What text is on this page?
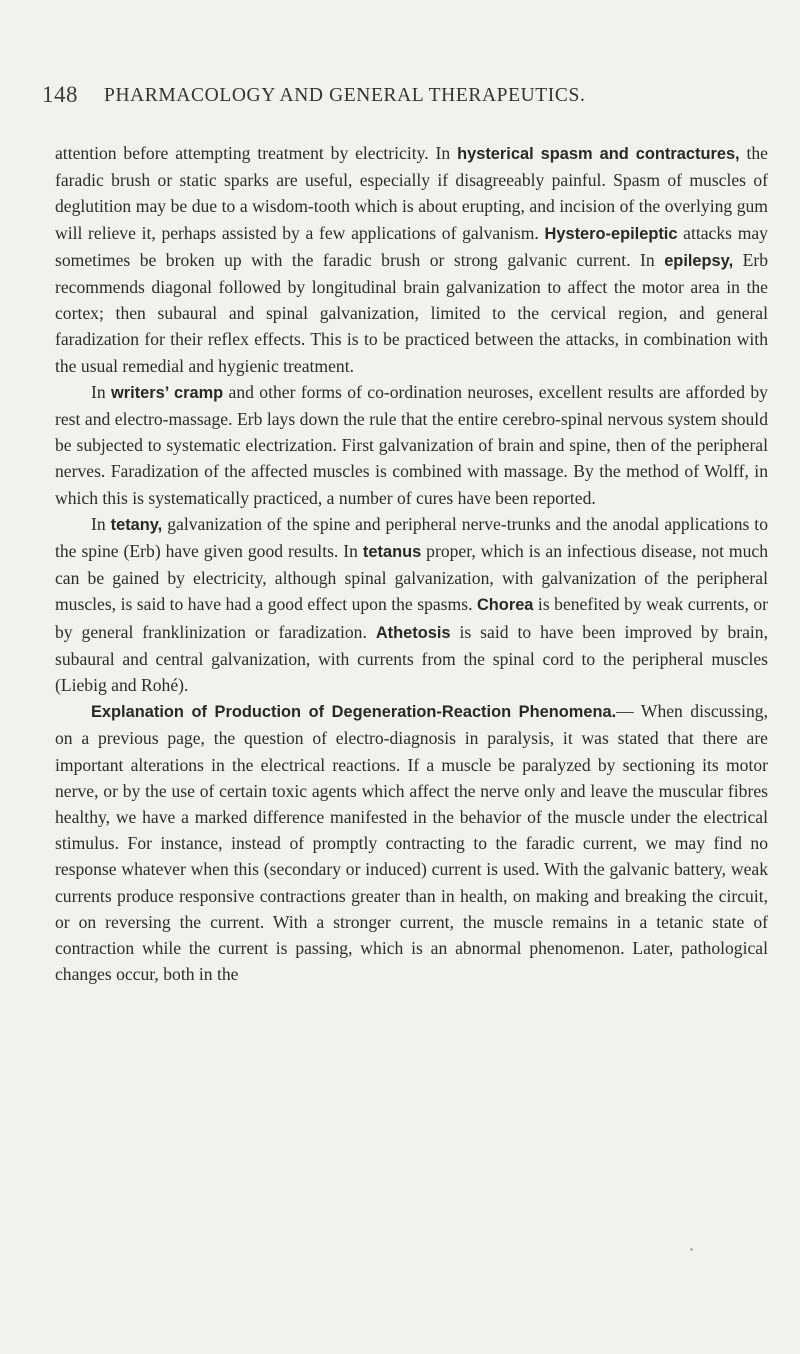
148 PHARMACOLOGY AND GENERAL THERAPEUTICS.

attention before attempting treatment by electricity. In hysterical spasm and contractures, the faradic brush or static sparks are useful, especially if disagreeably painful. Spasm of muscles of deglutition may be due to a wisdom-tooth which is about erupting, and incision of the overlying gum will relieve it, perhaps assisted by a few applications of galvanism. Hystero-epileptic attacks may sometimes be broken up with the faradic brush or strong galvanic current. In epilepsy, Erb recommends diagonal followed by longitudinal brain galvanization to affect the motor area in the cortex; then subaural and spinal galvanization, limited to the cervical region, and general faradization for their reflex effects. This is to be practiced between the attacks, in combination with the usual remedial and hygienic treatment.

In writers’ cramp and other forms of co-ordination neuroses, excellent results are afforded by rest and electro-massage. Erb lays down the rule that the entire cerebro-spinal nervous system should be subjected to systematic electrization. First galvanization of brain and spine, then of the peripheral nerves. Faradization of the affected muscles is combined with massage. By the method of Wolff, in which this is systematically practiced, a number of cures have been reported.

In tetany, galvanization of the spine and peripheral nerve-trunks and the anodal applications to the spine (Erb) have given good results. In tetanus proper, which is an infectious disease, not much can be gained by electricity, although spinal galvanization, with galvanization of the peripheral muscles, is said to have had a good effect upon the spasms. Chorea is benefited by weak currents, or by general franklinization or faradization. Athetosis is said to have been improved by brain, subaural and central galvanization, with currents from the spinal cord to the peripheral muscles (Liebig and Rohé).

Explanation of Production of Degeneration-Reaction Phenomena.— When discussing, on a previous page, the question of electro-diagnosis in paralysis, it was stated that there are important alterations in the electrical reactions. If a muscle be paralyzed by sectioning its motor nerve, or by the use of certain toxic agents which affect the nerve only and leave the muscular fibres healthy, we have a marked difference manifested in the behavior of the muscle under the electrical stimulus. For instance, instead of promptly contracting to the faradic current, we may find no response whatever when this (secondary or induced) current is used. With the galvanic battery, weak currents produce responsive contractions greater than in health, on making and breaking the circuit, or on reversing the current. With a stronger current, the muscle remains in a tetanic state of contraction while the current is passing, which is an abnormal phenomenon. Later, pathological changes occur, both in the
